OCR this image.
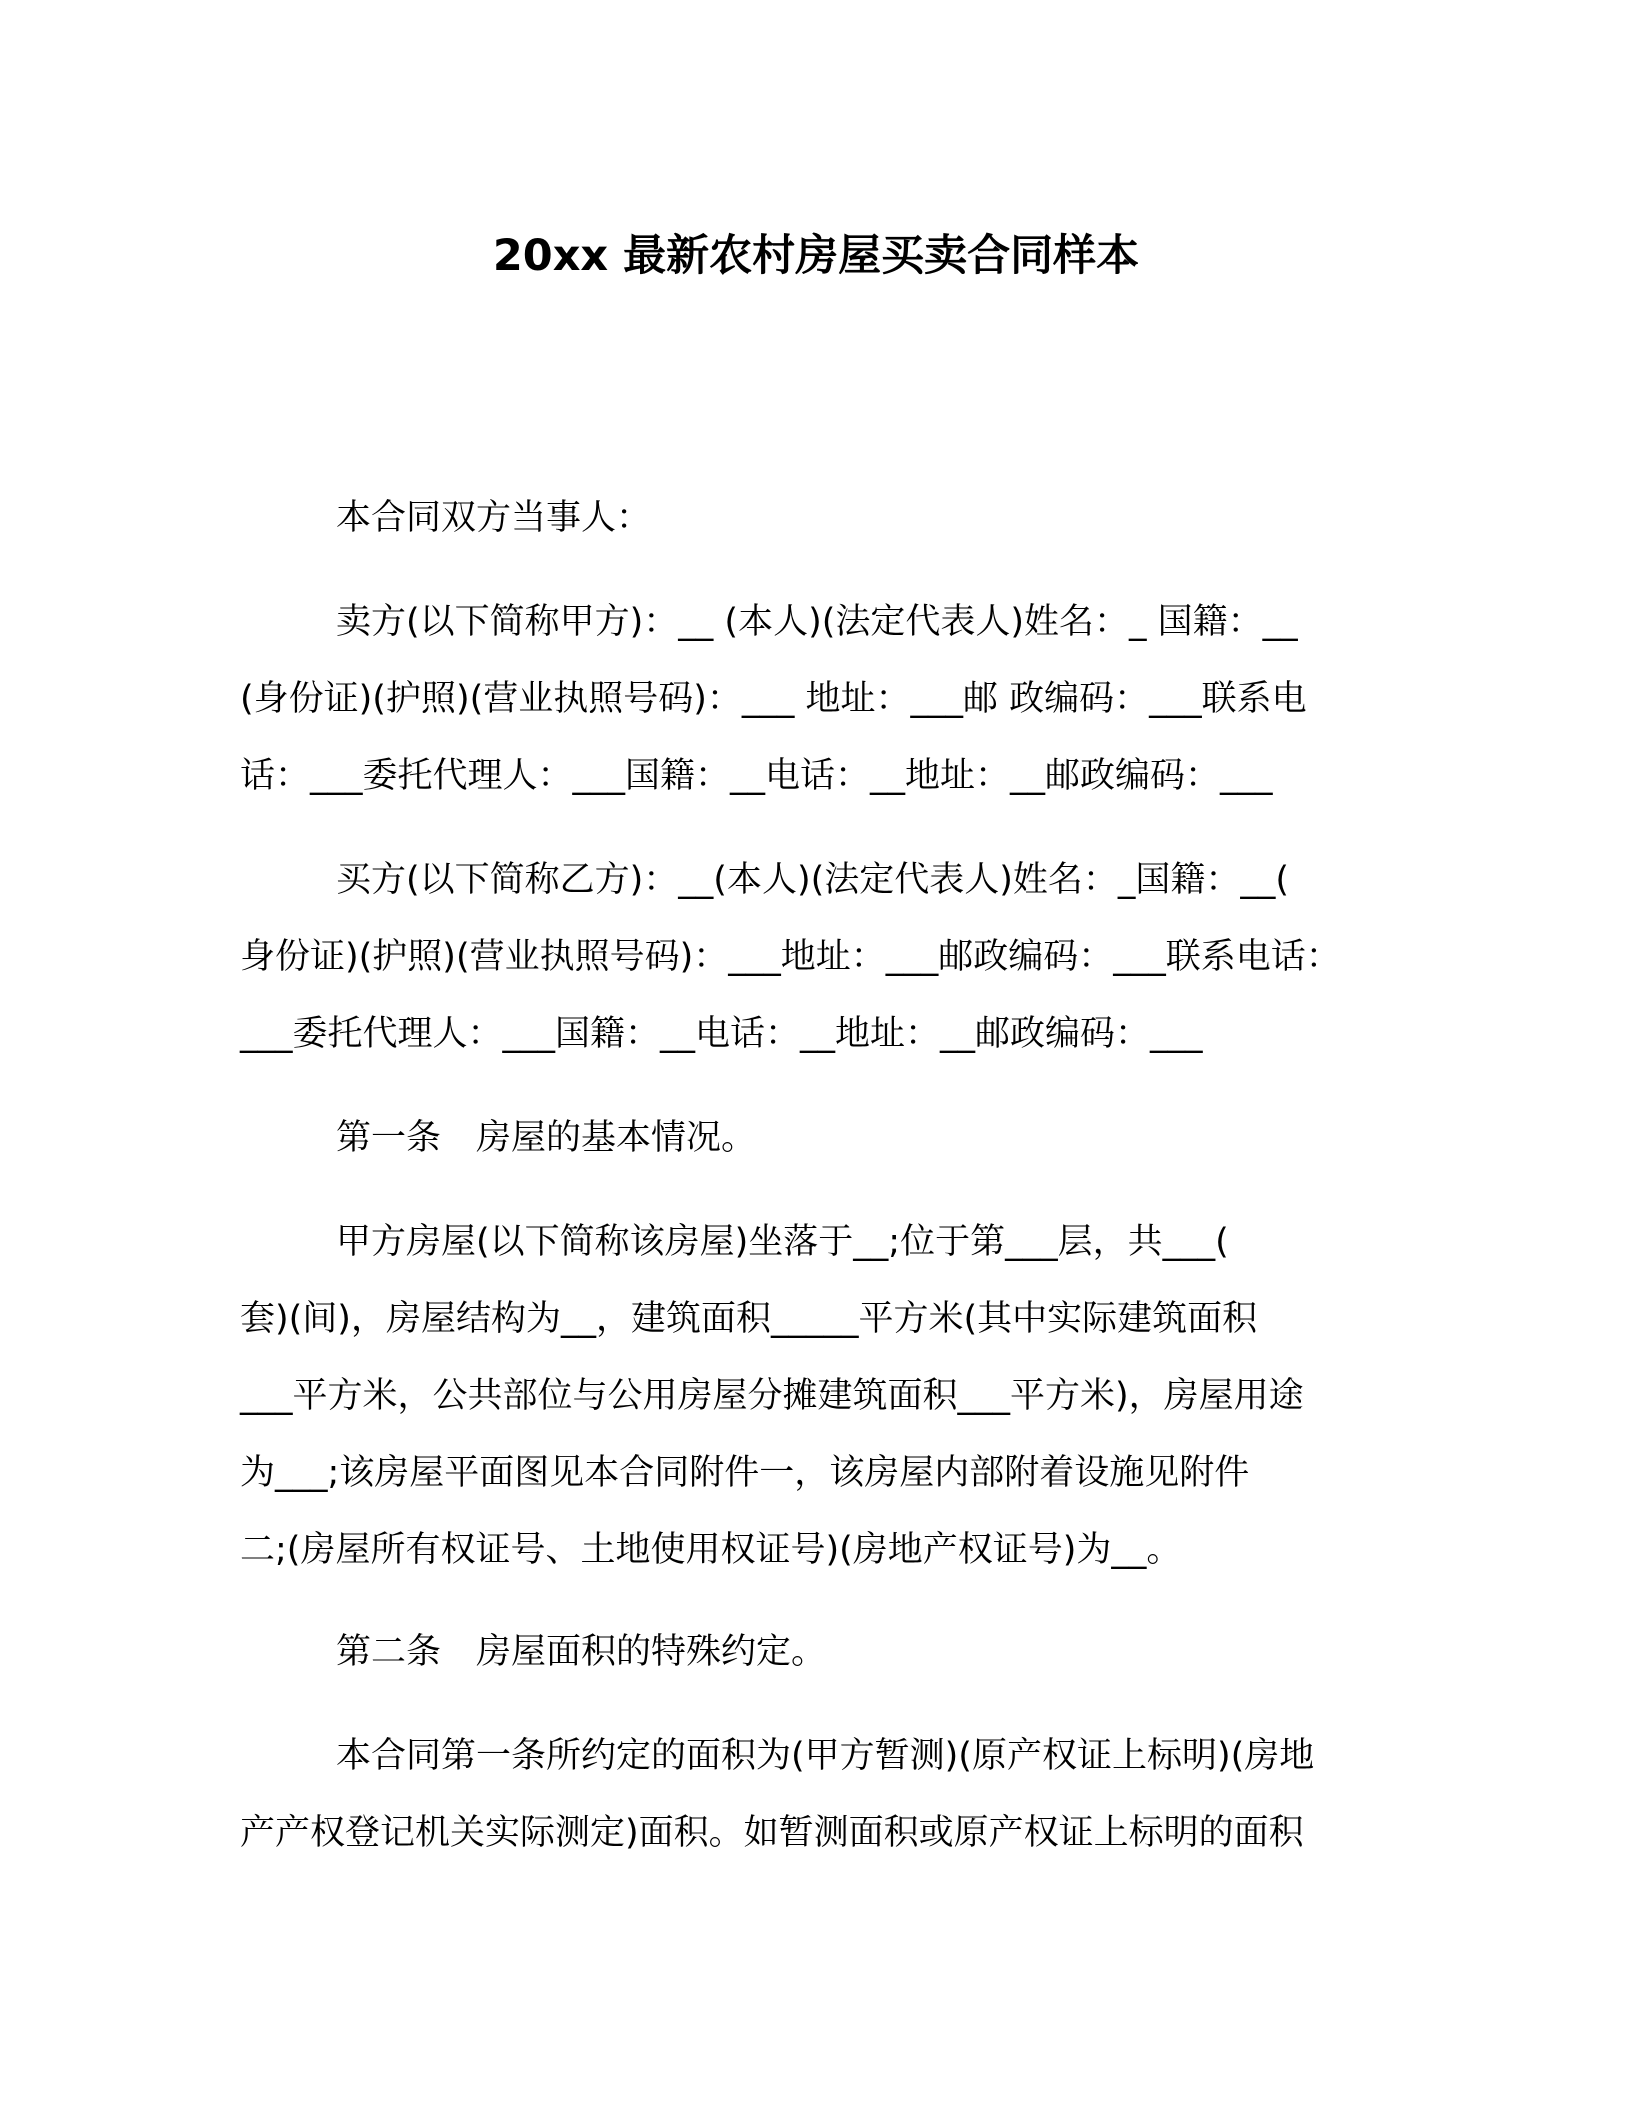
20xx 最新农村房屋买卖合同样本
本合同双方当事人：
卖方(以下简称甲方)：__ (本人)(法定代表人)姓名：_ 国籍：__
(身份证)(护照)(营业执照号码)：___ 地址：___邮 政编码：___联系电
话：___委托代理人：___国籍：__电话：__地址：__邮政编码：___
买方(以下简称乙方)：__(本人)(法定代表人)姓名：_国籍：__(
身份证)(护照)(营业执照号码)：___地址：___邮政编码：___联系电话：
___委托代理人：___国籍：__电话：__地址：__邮政编码：___
第一条　房屋的基本情况。
甲方房屋(以下简称该房屋)坐落于__;位于第___层，共___(
套)(间)，房屋结构为__，建筑面积_____平方米(其中实际建筑面积
___平方米，公共部位与公用房屋分摊建筑面积___平方米)，房屋用途
为___;该房屋平面图见本合同附件一，该房屋内部附着设施见附件
二;(房屋所有权证号、土地使用权证号)(房地产权证号)为__。
第二条　房屋面积的特殊约定。
本合同第一条所约定的面积为(甲方暂测)(原产权证上标明)(房地
产产权登记机关实际测定)面积。如暂测面积或原产权证上标明的面积
